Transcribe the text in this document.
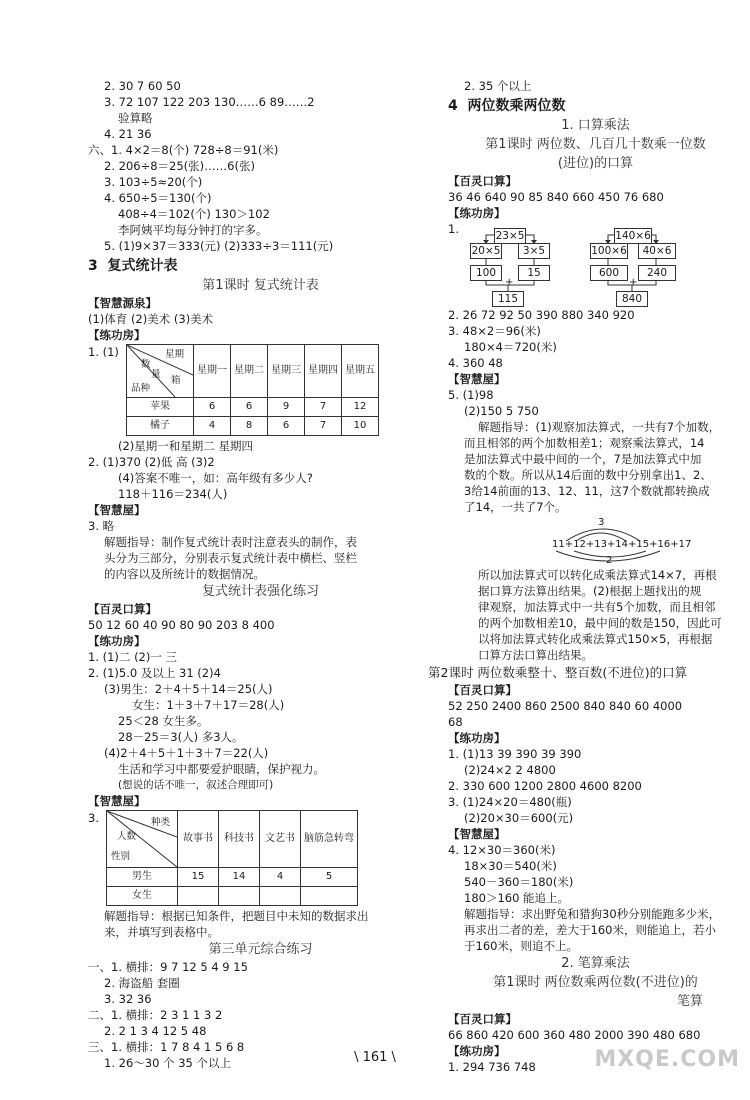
2. 30 7 60 50
3. 72 107 122 203 130……6 89……2
验算略
4. 21 36
六、1. 4×2＝8(个) 728÷8＝91(米)
2. 206÷8＝25(张)……6(张)
3. 103÷5≈20(个)
4. 650÷5＝130(个)
408÷4＝102(个) 130＞102
李阿姨平均每分钟打的字多。
5. (1)9×37＝333(元) (2)333÷3＝111(元)
3 复式统计表
第1课时 复式统计表
【智慧源泉】
(1)体育 (2)美术 (3)美术
【练功房】
1. (1)	星期
数
量
箱
品种	星期一	星期二	星期三	星期四	星期五
苹果	6	6	9	7	12
橘子	4	8	6	7	10
(2)星期一和星期二 星期四
2. (1)370 (2)低 高 (3)2
(4)答案不唯一，如：高年级有多少人?
118＋116＝234(人)
【智慧屋】
3. 略
解题指导：制作复式统计表时注意表头的制作，表
头分为三部分，分别表示复式统计表中横栏、竖栏
的内容以及所统计的数据情况。
复式统计表强化练习
【百灵口算】
50 12 60 40 90 80 90 203 8 400
【练功房】
1. (1)二 (2)一 三
2. (1)5.0 及以上 31 (2)4
(3)男生：2＋4＋5＋14＝25(人)
女生：1＋3＋7＋17＝28(人)
25＜28 女生多。
28－25＝3(人) 多3人。
(4)2＋4＋5＋1＋3＋7＝22(人)
生活和学习中都要爱护眼睛，保护视力。
(想说的话不唯一，叙述合理即可)
【智慧屋】
3.	种类
人数
性别	故事书	科技书	文艺书	脑筋急转弯
男生	15	14	4	5
女生				
解题指导：根据已知条件，把题目中未知的数据求出
来，并填写到表格中。
第三单元综合练习
一、1. 横排：9 7 12 5 4 9 15
2. 海盗船 套圈
3. 32 36
二、1. 横排：2 3 1 1 3 2
2. 2 1 3 4 12 5 48
三、1. 横排：1 7 8 4 1 5 6 8
1. 26～30 个 35 个以上
2. 35 个以上
4 两位数乘两位数
1. 口算乘法
第1课时 两位数、几百几十数乘一位数
(进位)的口算
【百灵口算】
36 46 640 90 85 840 660 450 76 680
【练功房】
1.	23×5
20×5	3×5
100	15
+
115
140×6
100×6	40×6
600	240
+
840
2. 26 72 92 50 390 880 340 920
3. 48×2＝96(米)
180×4＝720(米)
4. 360 48
【智慧屋】
5. (1)98
(2)150 5 750
解题指导：(1)观察加法算式，一共有7个加数，
而且相邻的两个加数相差1；观察乘法算式，14
是加法算式中最中间的一个，7是加法算式中加
数的个数。所以从14后面的数中分别拿出1、2、
3给14前面的13、12、11，这7个数就都转换成
了14，一共了7个。
3
11+12+13+14+15+16+17
2
所以加法算式可以转化成乘法算式14×7，再根
据口算方法算出结果。(2)根据上题找出的规
律观察，加法算式中一共有5个加数，而且相邻
的两个加数相差10，最中间的数是150，因此可
以将加法算式转化成乘法算式150×5，再根据
口算方法口算出结果。
第2课时 两位数乘整十、整百数(不进位)的口算
【百灵口算】
52 250 2400 860 2500 840 840 60 4000
68
【练功房】
1. (1)13 39 390 39 390
(2)24×2 2 4800
2. 330 600 1200 2800 4600 8200
3. (1)24×20＝480(瓶)
(2)20×30＝600(元)
【智慧屋】
4. 12×30＝360(米)
18×30＝540(米)
540－360＝180(米)
180＞160 能追上。
解题指导：求出野兔和猎狗30秒分别能跑多少米，
再求出二者的差，差大于160米，则能追上，若小
于160米，则追不上。
2. 笔算乘法
第1课时 两位数乘两位数(不进位)的
笔算
【百灵口算】
66 860 420 600 360 480 2000 390 480 680
【练功房】
1. 294 736 748
\ 161 \	MXQE.COM
